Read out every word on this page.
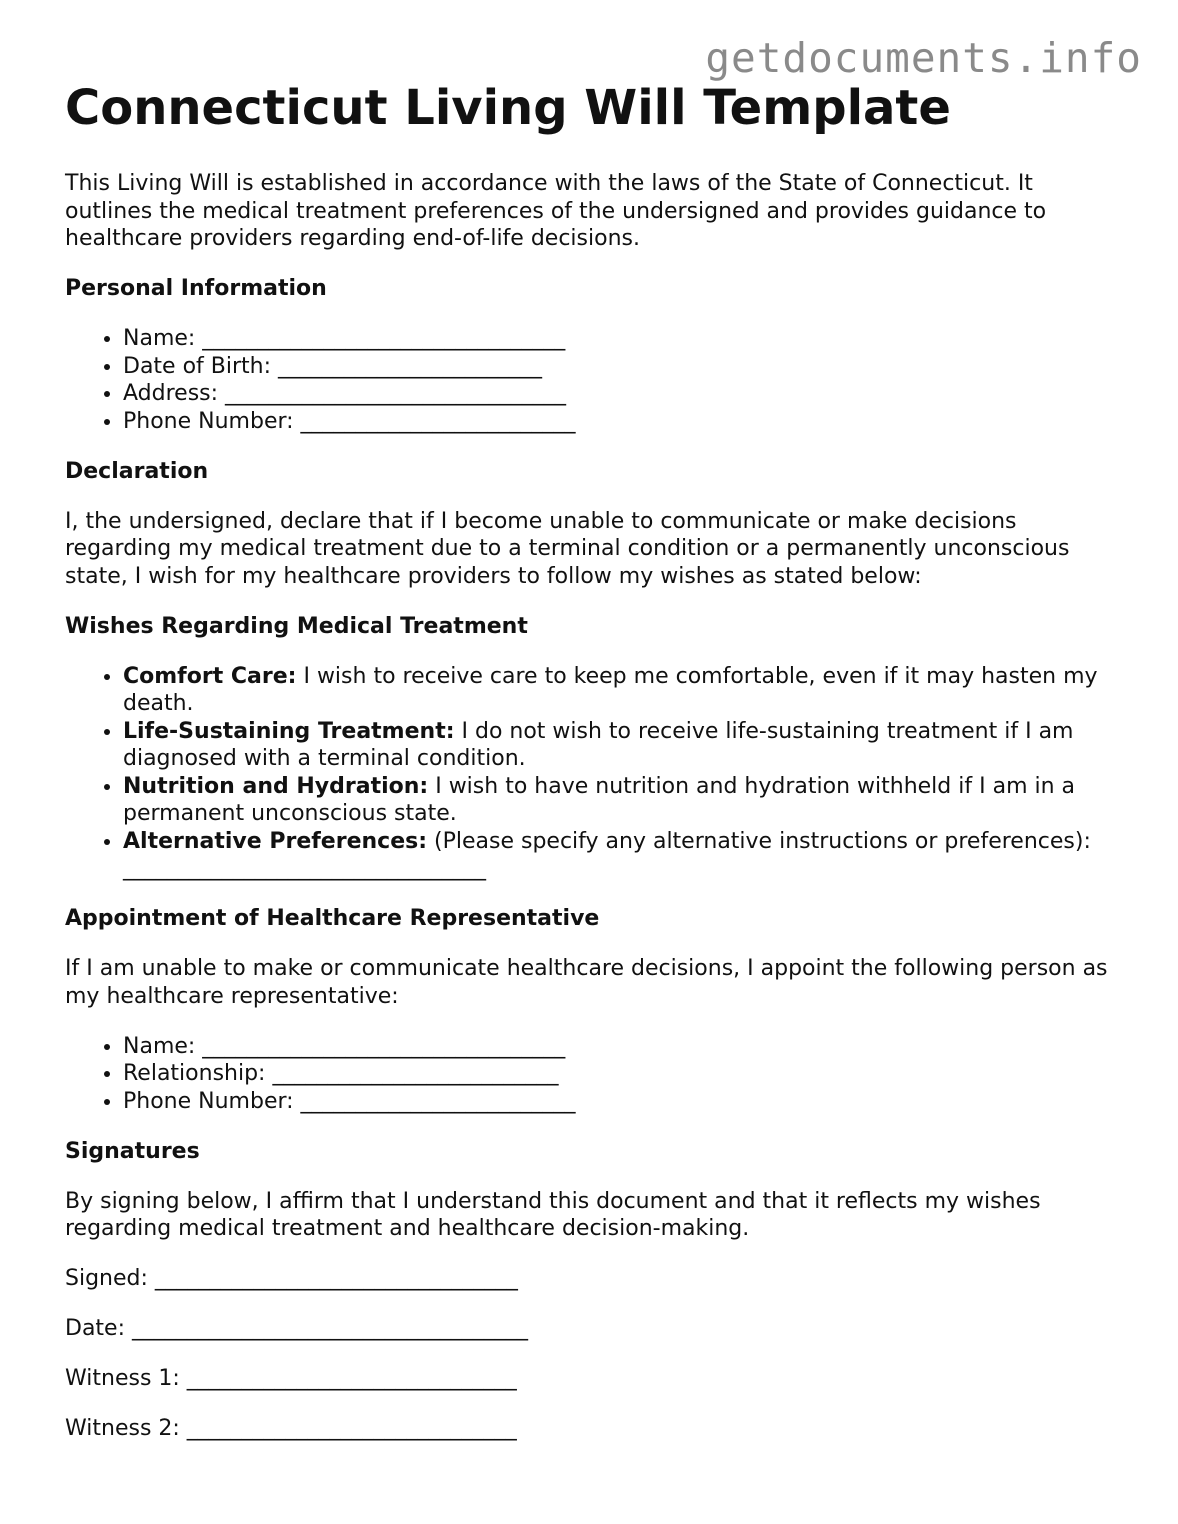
getdocuments.info
Connecticut Living Will Template

This Living Will is established in accordance with the laws of the State of Connecticut. It outlines the medical treatment preferences of the undersigned and provides guidance to healthcare providers regarding end-of-life decisions.

Personal Information
• Name: _________________________________
• Date of Birth: ________________________
• Address: _______________________________
• Phone Number: _________________________
Declaration

I, the undersigned, declare that if I become unable to communicate or make decisions regarding my medical treatment due to a terminal condition or a permanently unconscious state, I wish for my healthcare providers to follow my wishes as stated below:

Wishes Regarding Medical Treatment
• Comfort Care: I wish to receive care to keep me comfortable, even if it may hasten my death.
• Life-Sustaining Treatment: I do not wish to receive life-sustaining treatment if I am diagnosed with a terminal condition.
• Nutrition and Hydration: I wish to have nutrition and hydration withheld if I am in a permanent unconscious state.
• Alternative Preferences: (Please specify any alternative instructions or preferences): _________________________________
Appointment of Healthcare Representative

If I am unable to make or communicate healthcare decisions, I appoint the following person as my healthcare representative:

• Name: _________________________________
• Relationship: __________________________
• Phone Number: _________________________
Signatures

By signing below, I affirm that I understand this document and that it reflects my wishes regarding medical treatment and healthcare decision-making.

Signed: _________________________________

Date: ____________________________________

Witness 1: ______________________________

Witness 2: ______________________________
